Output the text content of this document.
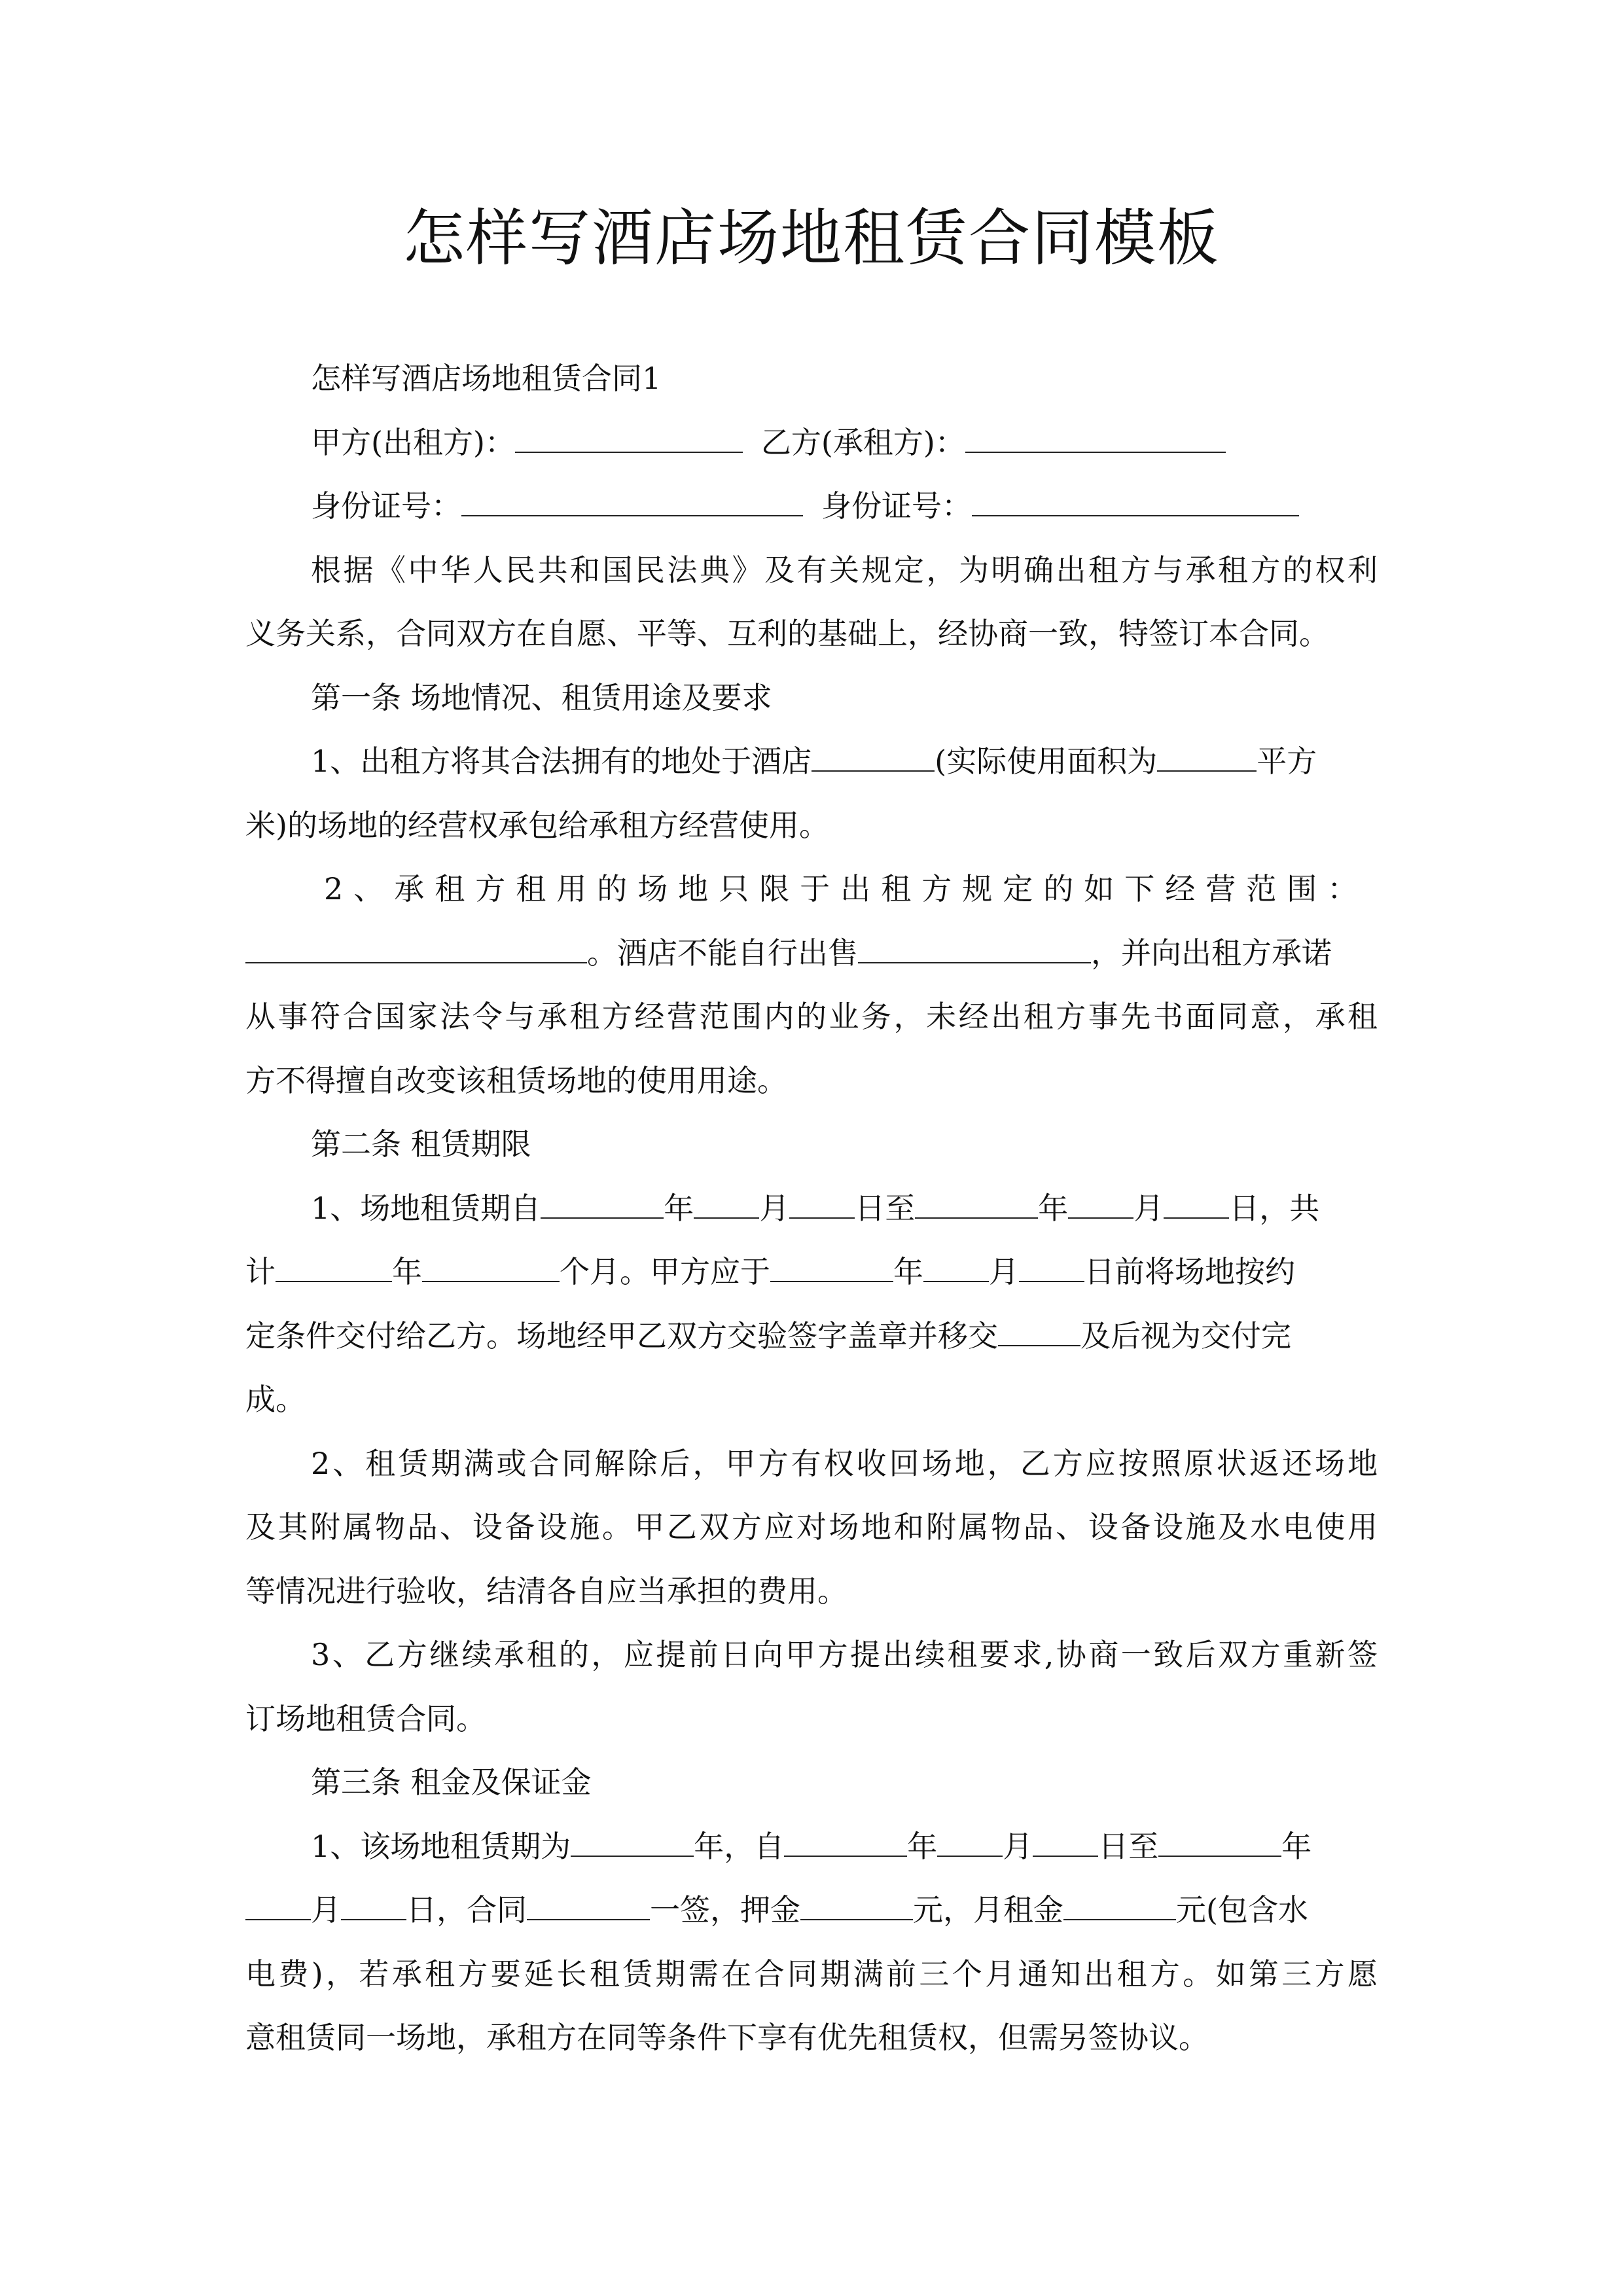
怎样写酒店场地租赁合同模板
怎样写酒店场地租赁合同1
甲方(出租方)：	乙方(承租方)：
身份证号：	身份证号：
根据《中华人民共和国民法典》及有关规定，为明确出租方与承租方的权利
义务关系，合同双方在自愿、平等、互利的基础上，经协商一致，特签订本合同。
第一条 场地情况、租赁用途及要求
1、出租方将其合法拥有的地处于酒店	(实际使用面积为	平方
米)的场地的经营权承包给承租方经营使用。
2、承租方租用的场地只限于出租方规定的如下经营范围：
。酒店不能自行出售	，并向出租方承诺
从事符合国家法令与承租方经营范围内的业务，未经出租方事先书面同意，承租
方不得擅自改变该租赁场地的使用用途。
第二条 租赁期限
1、场地租赁期自	年 月 日至	年 月 日，共
计	年	个月。甲方应于	年 月 日前将场地按约
定条件交付给乙方。场地经甲乙双方交验签字盖章并移交	及后视为交付完
成。
2、租赁期满或合同解除后，甲方有权收回场地，乙方应按照原状返还场地
及其附属物品、设备设施。甲乙双方应对场地和附属物品、设备设施及水电使用
等情况进行验收，结清各自应当承担的费用。
3、乙方继续承租的，应提前日向甲方提出续租要求,协商一致后双方重新签
订场地租赁合同。
第三条 租金及保证金
1、该场地租赁期为	年，自	年 月 日至	年
月 日，合同	一签，押金	元，月租金	元(包含水
电费)，若承租方要延长租赁期需在合同期满前三个月通知出租方。如第三方愿
意租赁同一场地，承租方在同等条件下享有优先租赁权，但需另签协议。
